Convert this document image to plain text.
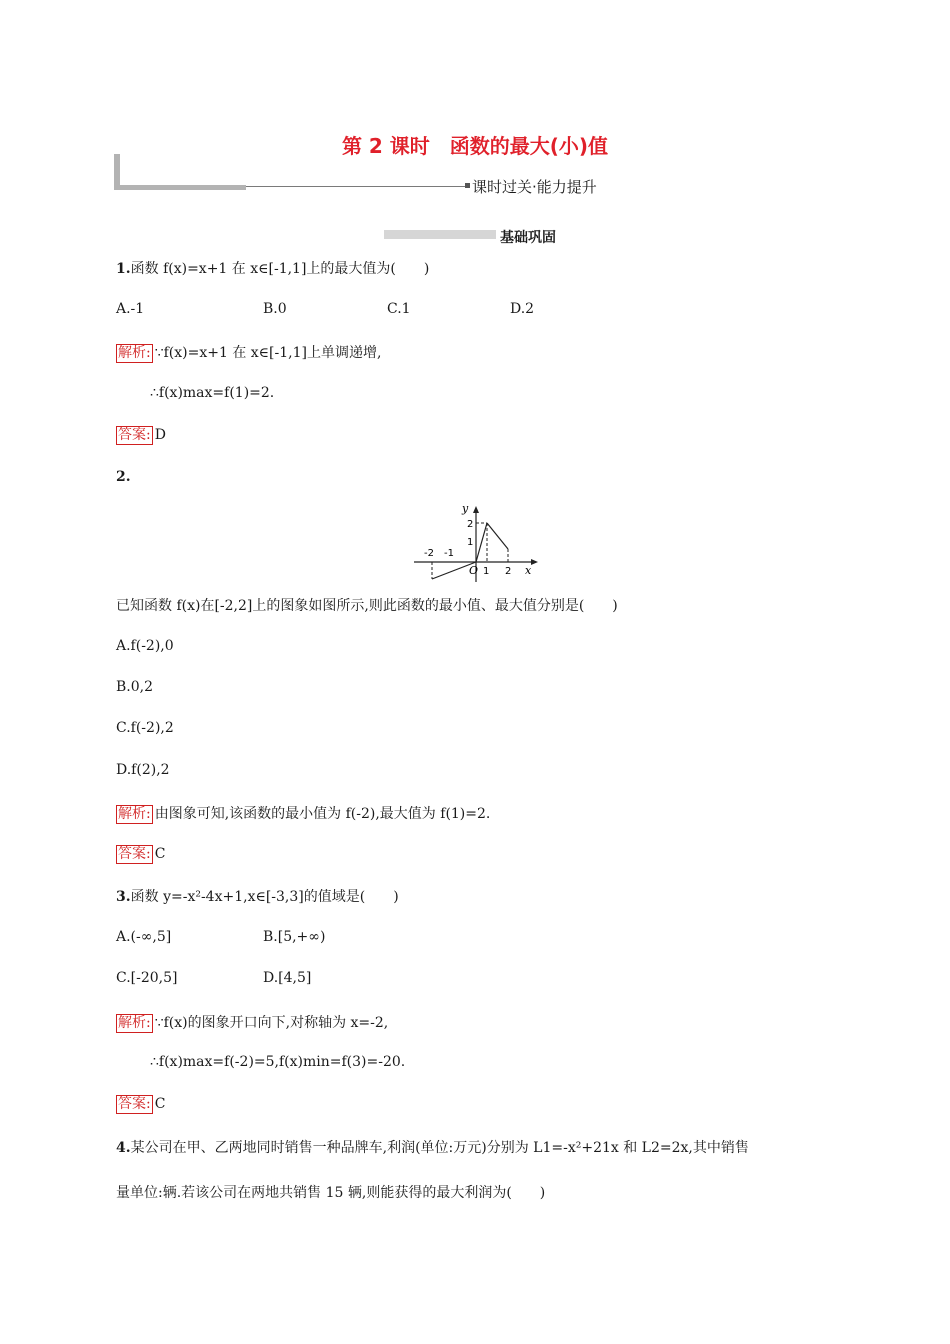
第 2 课时　函数的最大(小)值
课时过关·能力提升
基础巩固
1.函数 f(x)=x+1 在 x∈[-1,1]上的最大值为(　　)
A.-1	B.0	C.1	D.2
解析: ∵f(x)=x+1 在 x∈[-1,1]上单调递增,
∴f(x)max=f(1)=2.
答案: D
2.
y
x
O
-2 -1
1 2
1
2
已知函数 f(x)在[-2,2]上的图象如图所示,则此函数的最小值、最大值分别是(　　)
A.f(-2),0
B.0,2
C.f(-2),2
D.f(2),2
解析: 由图象可知,该函数的最小值为 f(-2),最大值为 f(1)=2.
答案: C
3.函数 y=-x²-4x+1,x∈[-3,3]的值域是(　　)
A.(-∞,5]	B.[5,+∞)
C.[-20,5]	D.[4,5]
解析: ∵f(x)的图象开口向下,对称轴为 x=-2,
∴f(x)max=f(-2)=5,f(x)min=f(3)=-20.
答案: C
4.某公司在甲、乙两地同时销售一种品牌车,利润(单位:万元)分别为 L1=-x²+21x 和 L2=2x,其中销售
量单位:辆.若该公司在两地共销售 15 辆,则能获得的最大利润为(　　)
